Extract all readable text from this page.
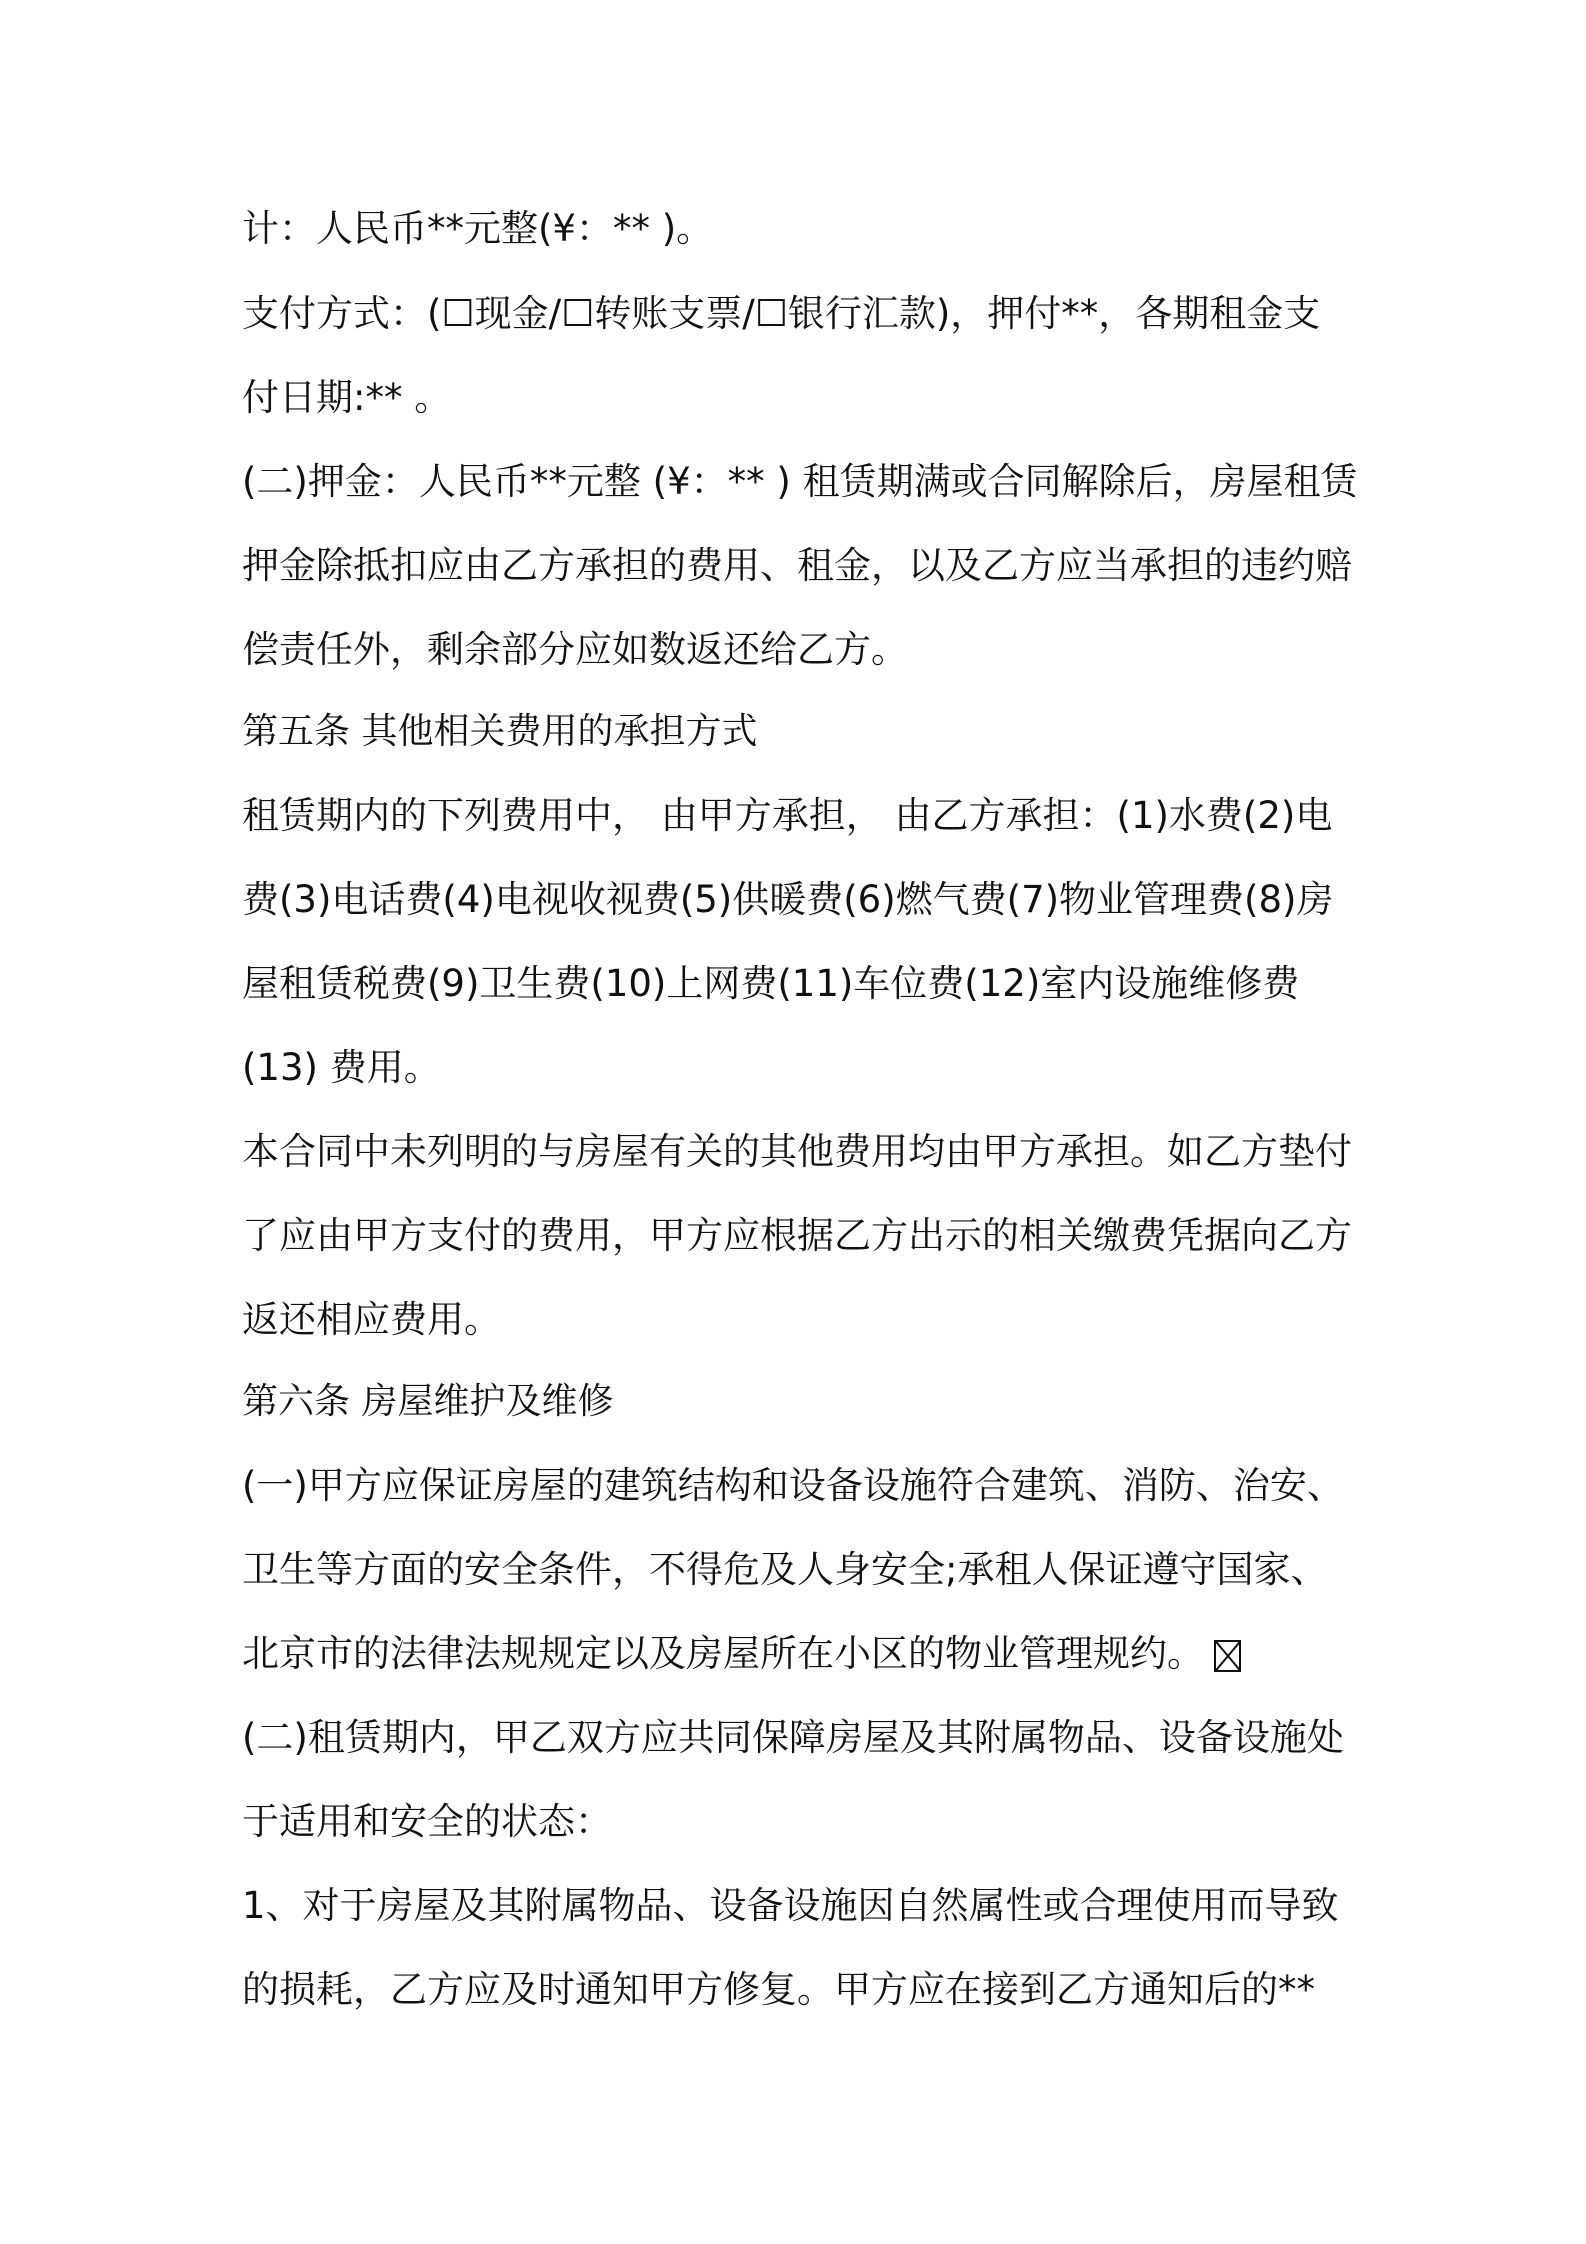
计：人民币**元整(¥：** )。
支付方式：(☐现金/☐转账支票/☐银行汇款)，押付**，各期租金支
付日期:** 。
(二)押金：人民币**元整 (¥：** ) 租赁期满或合同解除后，房屋租赁
押金除抵扣应由乙方承担的费用、租金，以及乙方应当承担的违约赔
偿责任外，剩余部分应如数返还给乙方。
第五条 其他相关费用的承担方式
租赁期内的下列费用中， 由甲方承担， 由乙方承担：(1)水费(2)电
费(3)电话费(4)电视收视费(5)供暖费(6)燃气费(7)物业管理费(8)房
屋租赁税费(9)卫生费(10)上网费(11)车位费(12)室内设施维修费
(13) 费用。
本合同中未列明的与房屋有关的其他费用均由甲方承担。如乙方垫付
了应由甲方支付的费用，甲方应根据乙方出示的相关缴费凭据向乙方
返还相应费用。
第六条 房屋维护及维修
(一)甲方应保证房屋的建筑结构和设备设施符合建筑、消防、治安、
卫生等方面的安全条件，不得危及人身安全;承租人保证遵守国家、
北京市的法律法规规定以及房屋所在小区的物业管理规约。
(二)租赁期内，甲乙双方应共同保障房屋及其附属物品、设备设施处
于适用和安全的状态：
1、对于房屋及其附属物品、设备设施因自然属性或合理使用而导致
的损耗，乙方应及时通知甲方修复。甲方应在接到乙方通知后的**
